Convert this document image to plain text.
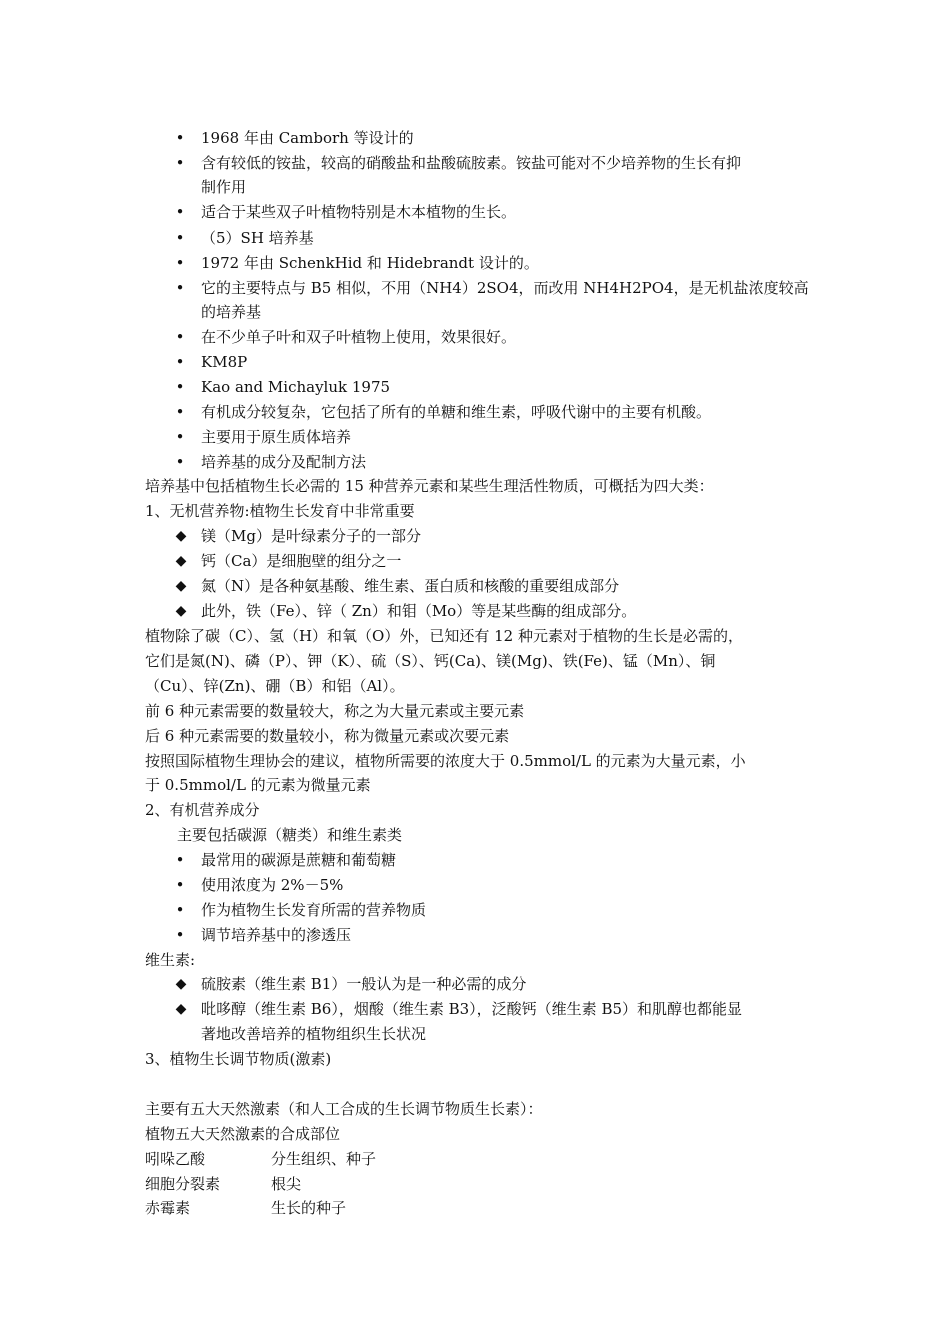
• 1968 年由 Camborh 等设计的
• 含有较低的铵盐，较高的硝酸盐和盐酸硫胺素。铵盐可能对不少培养物的生长有抑
制作用
• 适合于某些双子叶植物特别是木本植物的生长。
• （5）SH 培养基
• 1972 年由 SchenkHid 和 Hidebrandt 设计的。
• 它的主要特点与 B5 相似，不用（NH4）2SO4，而改用 NH4H2PO4，是无机盐浓度较高
的培养基
• 在不少单子叶和双子叶植物上使用，效果很好。
• KM8P
• Kao and Michayluk 1975
• 有机成分较复杂，它包括了所有的单糖和维生素，呼吸代谢中的主要有机酸。
• 主要用于原生质体培养
• 培养基的成分及配制方法
培养基中包括植物生长必需的 15 种营养元素和某些生理活性物质，可概括为四大类：
1、无机营养物:植物生长发育中非常重要
◆ 镁（Mg）是叶绿素分子的一部分
◆ 钙（Ca）是细胞壁的组分之一
◆ 氮（N）是各种氨基酸、维生素、蛋白质和核酸的重要组成部分
◆ 此外，铁（Fe）、锌（ Zn）和钼（Mo）等是某些酶的组成部分。
植物除了碳（C）、氢（H）和氧（O）外，已知还有 12 种元素对于植物的生长是必需的，
它们是氮(N)、磷（P）、钾（K）、硫（S）、钙(Ca)、镁(Mg)、铁(Fe)、锰（Mn）、铜
（Cu）、锌(Zn)、硼（B）和铝（Al）。
前 6 种元素需要的数量较大，称之为大量元素或主要元素
后 6 种元素需要的数量较小，称为微量元素或次要元素
按照国际植物生理协会的建议，植物所需要的浓度大于 0.5mmol/L 的元素为大量元素，小
于 0.5mmol/L 的元素为微量元素
2、有机营养成分
主要包括碳源（糖类）和维生素类
• 最常用的碳源是蔗糖和葡萄糖
• 使用浓度为 2%－5%
• 作为植物生长发育所需的营养物质
• 调节培养基中的渗透压
维生素:
◆ 硫胺素（维生素 B1）一般认为是一种必需的成分
◆ 吡哆醇（维生素 B6），烟酸（维生素 B3），泛酸钙（维生素 B5）和肌醇也都能显
著地改善培养的植物组织生长状况
3、植物生长调节物质(激素)
主要有五大天然激素（和人工合成的生长调节物质生长素）：
植物五大天然激素的合成部位
吲哚乙酸	分生组织、种子
细胞分裂素	根尖
赤霉素	生长的种子
